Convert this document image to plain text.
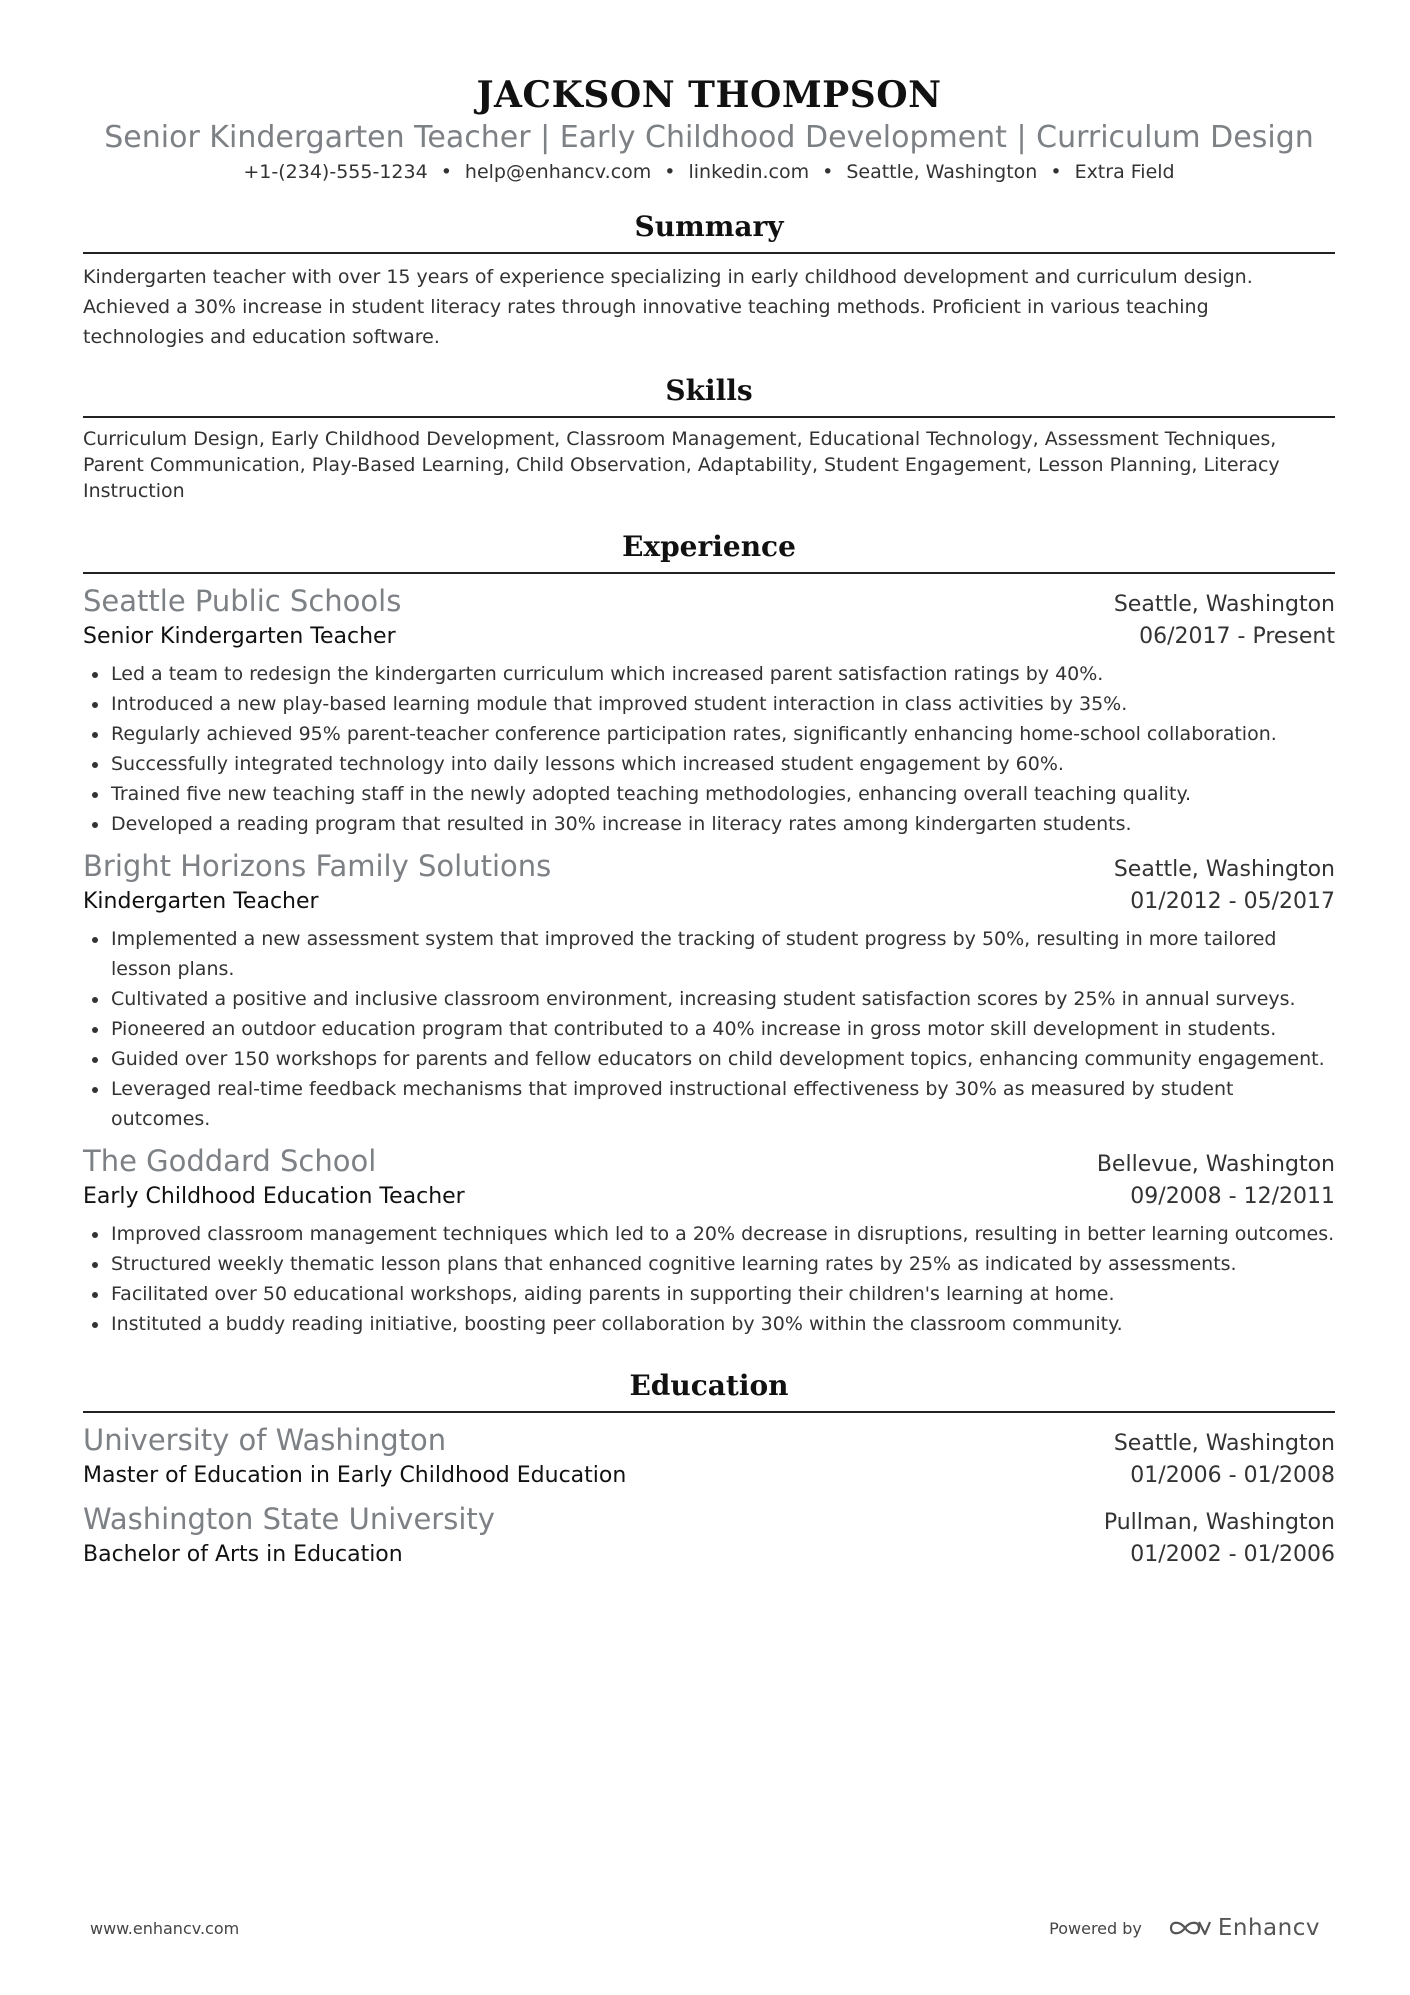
JACKSON THOMPSON
Senior Kindergarten Teacher | Early Childhood Development | Curriculum Design
+1-(234)-555-1234 • help@enhancv.com • linkedin.com • Seattle, Washington • Extra Field
Summary
Kindergarten teacher with over 15 years of experience specializing in early childhood development and curriculum design. Achieved a 30% increase in student literacy rates through innovative teaching methods. Proficient in various teaching technologies and education software.
Skills
Curriculum Design, Early Childhood Development, Classroom Management, Educational Technology, Assessment Techniques, Parent Communication, Play-Based Learning, Child Observation, Adaptability, Student Engagement, Lesson Planning, Literacy Instruction
Experience
Seattle Public Schools	Seattle, Washington
Senior Kindergarten Teacher	06/2017 - Present
Led a team to redesign the kindergarten curriculum which increased parent satisfaction ratings by 40%.
Introduced a new play-based learning module that improved student interaction in class activities by 35%.
Regularly achieved 95% parent-teacher conference participation rates, significantly enhancing home-school collaboration.
Successfully integrated technology into daily lessons which increased student engagement by 60%.
Trained five new teaching staff in the newly adopted teaching methodologies, enhancing overall teaching quality.
Developed a reading program that resulted in 30% increase in literacy rates among kindergarten students.
Bright Horizons Family Solutions	Seattle, Washington
Kindergarten Teacher	01/2012 - 05/2017
Implemented a new assessment system that improved the tracking of student progress by 50%, resulting in more tailored lesson plans.
Cultivated a positive and inclusive classroom environment, increasing student satisfaction scores by 25% in annual surveys.
Pioneered an outdoor education program that contributed to a 40% increase in gross motor skill development in students.
Guided over 150 workshops for parents and fellow educators on child development topics, enhancing community engagement.
Leveraged real-time feedback mechanisms that improved instructional effectiveness by 30% as measured by student outcomes.
The Goddard School	Bellevue, Washington
Early Childhood Education Teacher	09/2008 - 12/2011
Improved classroom management techniques which led to a 20% decrease in disruptions, resulting in better learning outcomes.
Structured weekly thematic lesson plans that enhanced cognitive learning rates by 25% as indicated by assessments.
Facilitated over 50 educational workshops, aiding parents in supporting their children's learning at home.
Instituted a buddy reading initiative, boosting peer collaboration by 30% within the classroom community.
Education
University of Washington	Seattle, Washington
Master of Education in Early Childhood Education	01/2006 - 01/2008
Washington State University	Pullman, Washington
Bachelor of Arts in Education	01/2002 - 01/2006
www.enhancv.com	Powered by	Enhancv
